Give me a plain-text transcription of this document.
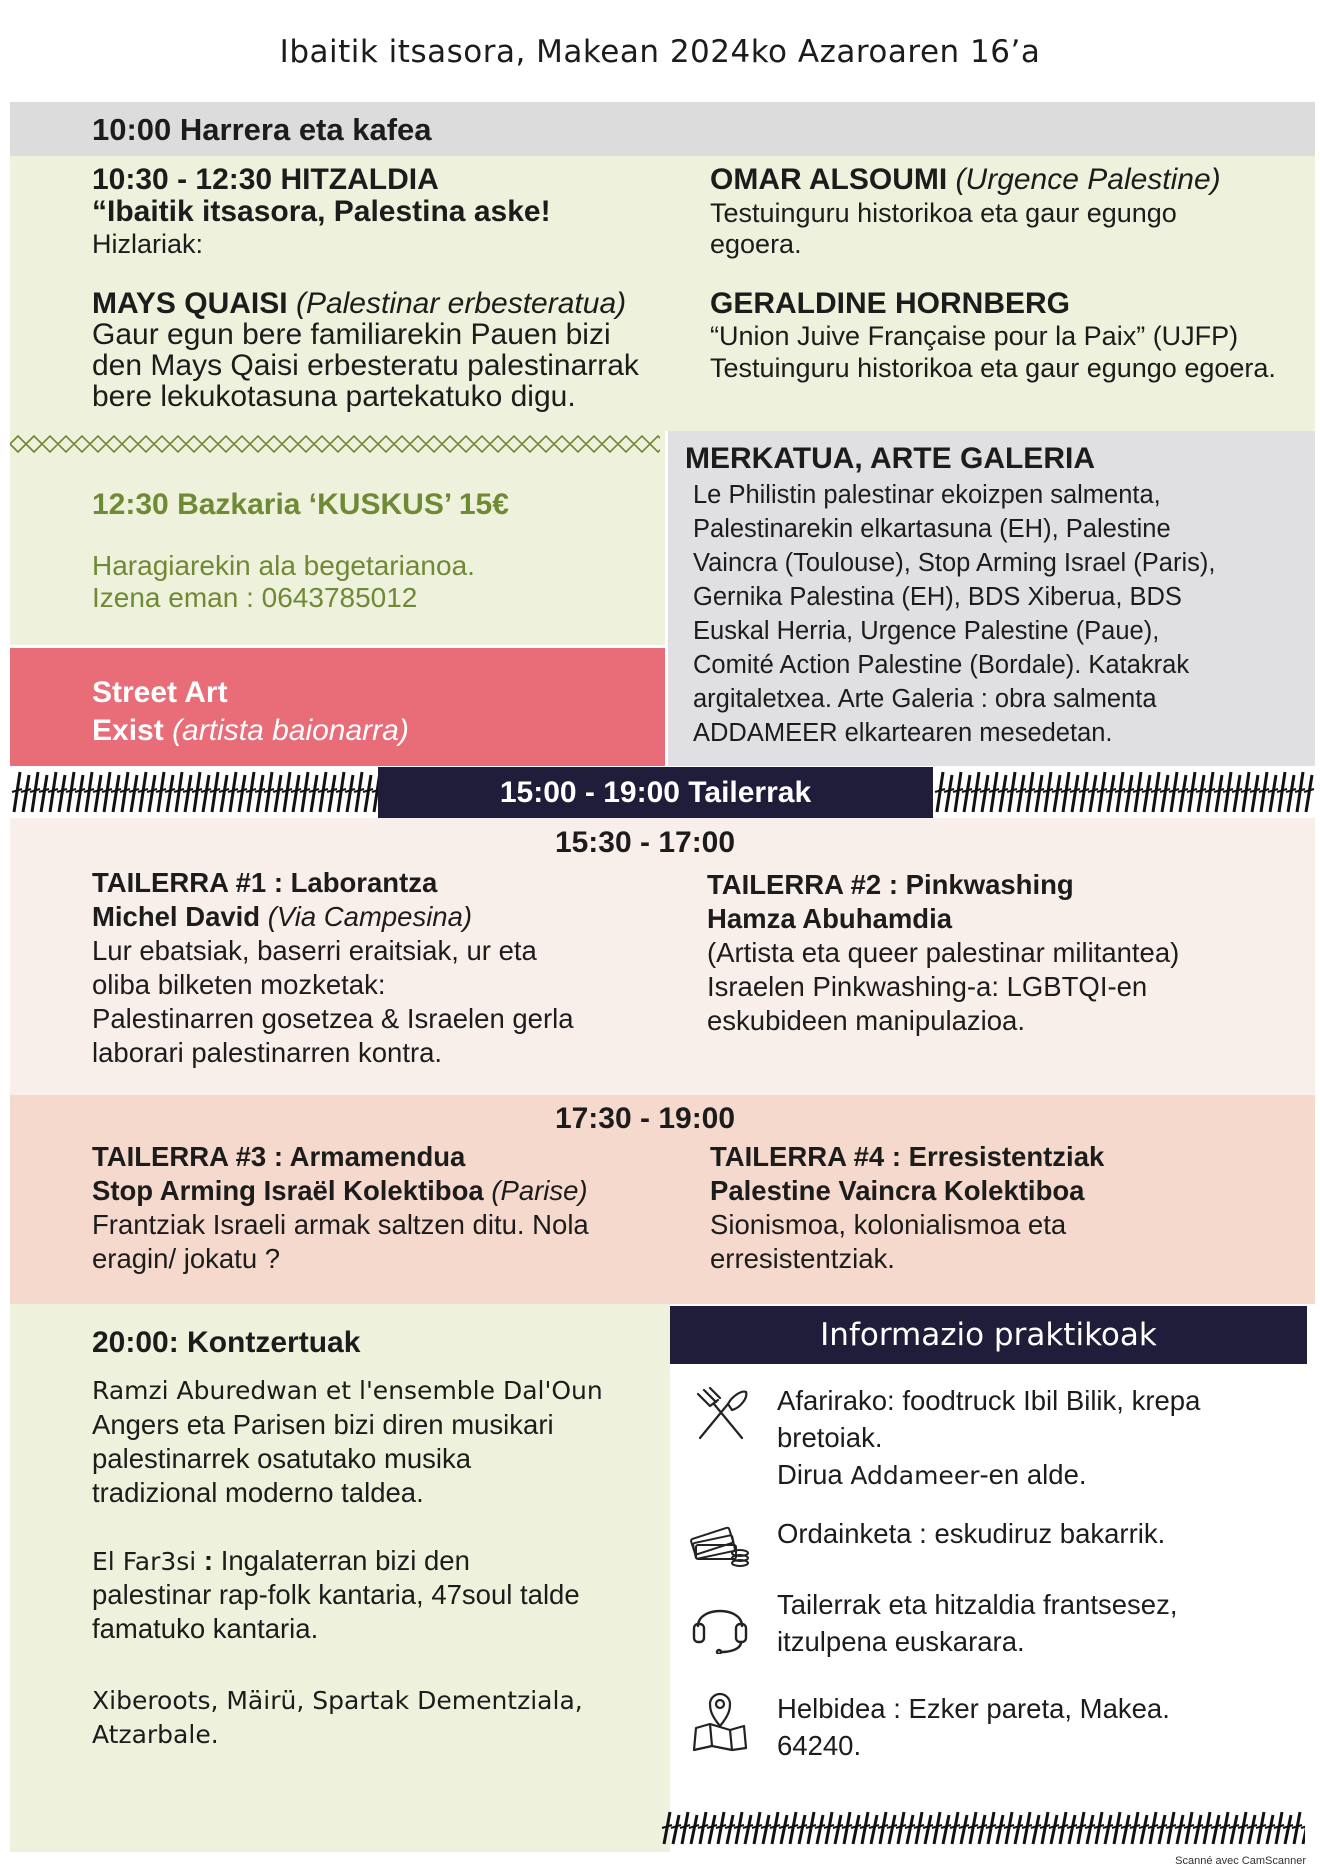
Ibaitik itsasora, Makean 2024ko Azaroaren 16’a
10:00 Harrera eta kafea
10:30 - 12:30 HITZALDIA
“Ibaitik itsasora, Palestina aske!
Hizlariak:
MAYS QUAISI (Palestinar erbesteratua)
Gaur egun bere familiarekin Pauen bizi
den Mays Qaisi erbesteratu palestinarrak
bere lekukotasuna partekatuko digu.
OMAR ALSOUMI (Urgence Palestine)
Testuinguru historikoa eta gaur egungo
egoera.
GERALDINE HORNBERG
“Union Juive Française pour la Paix” (UJFP)
Testuinguru historikoa eta gaur egungo egoera.
12:30 Bazkaria ‘KUSKUS’ 15€
Haragiarekin ala begetarianoa.
Izena eman : 0643785012
Street Art
Exist (artista baionarra)
MERKATUA, ARTE GALERIA
Le Philistin palestinar ekoizpen salmenta,
Palestinarekin elkartasuna (EH), Palestine
Vaincra (Toulouse), Stop Arming Israel (Paris),
Gernika Palestina (EH), BDS Xiberua, BDS
Euskal Herria, Urgence Palestine (Paue),
Comité Action Palestine (Bordale). Katakrak
argitaletxea. Arte Galeria : obra salmenta
ADDAMEER elkartearen mesedetan.
15:00 - 19:00 Tailerrak
15:30 - 17:00
TAILERRA #1 : Laborantza
Michel David (Via Campesina)
Lur ebatsiak, baserri eraitsiak, ur eta
oliba bilketen mozketak:
Palestinarren gosetzea & Israelen gerla
laborari palestinarren kontra.
TAILERRA #2 : Pinkwashing
Hamza Abuhamdia
(Artista eta queer palestinar militantea)
Israelen Pinkwashing-a: LGBTQI-en
eskubideen manipulazioa.
17:30 - 19:00
TAILERRA #3 : Armamendua
Stop Arming Israël Kolektiboa (Parise)
Frantziak Israeli armak saltzen ditu. Nola
eragin/ jokatu ?
TAILERRA #4 : Erresistentziak
Palestine Vaincra Kolektiboa
Sionismoa, kolonialismoa eta
erresistentziak.
20:00: Kontzertuak
Ramzi Aburedwan et l'ensemble Dal'Oun
Angers eta Parisen bizi diren musikari
palestinarrek osatutako musika
tradizional moderno taldea.
El Far3si : Ingalaterran bizi den
palestinar rap-folk kantaria, 47soul talde
famatuko kantaria.
Xiberoots, Mäirü, Spartak Dementziala,
Atzarbale.
Informazio praktikoak
Afarirako: foodtruck Ibil Bilik, krepa
bretoiak.
Dirua Addameer-en alde.
Ordainketa : eskudiruz bakarrik.
Tailerrak eta hitzaldia frantsesez,
itzulpena euskarara.
Helbidea : Ezker pareta, Makea.
64240.
Scanné avec CamScanner
